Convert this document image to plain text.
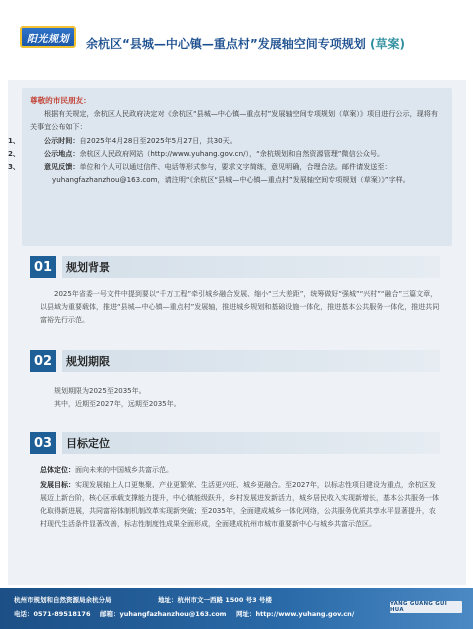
阳光规划	余杭区“县城—中心镇—重点村”发展轴空间专项规划 (草案)
尊敬的市民朋友：
根据有关规定，余杭区人民政府决定对《余杭区“县城—中心镇—重点村”发展轴空间专项规划（草案）》项目进行公示，现将有关事宜公布如下：
1、	公示时间：自2025年4月28日至2025年5月27日，共30天。
2、	公示地点：余杭区人民政府网站（http://www.yuhang.gov.cn/），“余杭规划和自然资源管理”微信公众号。
3、	意见反馈：单位和个人可以通过信件、电话等形式参与，要求文字简练，意见明确，合理合法。邮件请发送至：yuhangfazhanzhou@163.com，请注明“《余杭区“县城—中心镇—重点村”发展轴空间专项规划（草案）》”字样。
01	规划背景
2025年省委一号文件中提到要以“千万工程”牵引城乡融合发展、缩小“三大差距”，统筹做好“强城”“兴村”“融合”三篇文章，以县域为重要载体，推进“县城—中心镇—重点村”发展轴，推进城乡规划和基础设施一体化，推进基本公共服务一体化，推进共同富裕先行示范。
02	规划期限
规划期限为2025至2035年。
其中，近期至2027年，远期至2035年。
03	目标定位
总体定位：面向未来的中国城乡共富示范。
发展目标：实现发展轴上人口更集聚、产业更繁荣、生活更兴旺、城乡更融合。至2027年，以标志性项目建设为重点，余杭区发展迈上新台阶，核心区承载支撑能力提升，中心镇能级跃升，乡村发展进发新活力，城乡居民收入实现新增长，基本公共服务一体化取得新进展，共同富裕体制机制改革实现新突破；至2035年，全面建成城乡一体化网络，公共服务优质共享水平显著提升，农村现代生活条件显著改善，标志性制度性成果全面形成，全面建成杭州市城市重要新中心与城乡共富示范区。
杭州市规划和自然资源局余杭分局	地址：杭州市文一西路 1500 号3 号楼
电话：0571-89518176 邮箱：yuhangfazhanzhou@163.com 网址：http://www.yuhang.gov.cn/
YANG GUANG GUI HUA
